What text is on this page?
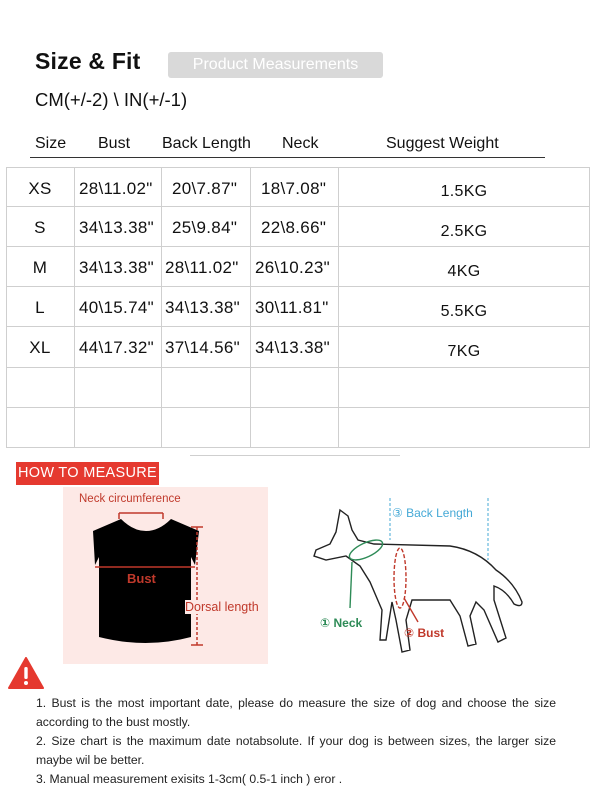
Size & Fit	Product Measurements
CM(+/-2) \ IN(+/-1)
Size Bust Back Length Neck	Suggest Weight
XS	28\11.02" 20\7.87" 18\7.08"	1.5KG
S	34\13.38" 25\9.84" 22\8.66"	2.5KG
M	34\13.38" 28\11.02" 26\10.23"	4KG
L	40\15.74" 34\13.38" 30\11.81"	5.5KG
XL	44\17.32" 37\14.56" 34\13.38"	7KG
HOW TO MEASURE
Neck circumference
Bust
Dorsal length
③ Back Length
① Neck
② Bust

1. Bust is the most important date, please do measure the size of dog and choose the size according to the bust mostly.

2. Size chart is the maximum date notabsolute. If your dog is between sizes, the larger size maybe wil be better.

3. Manual measurement exisits 1-3cm( 0.5-1 inch ) eror .
